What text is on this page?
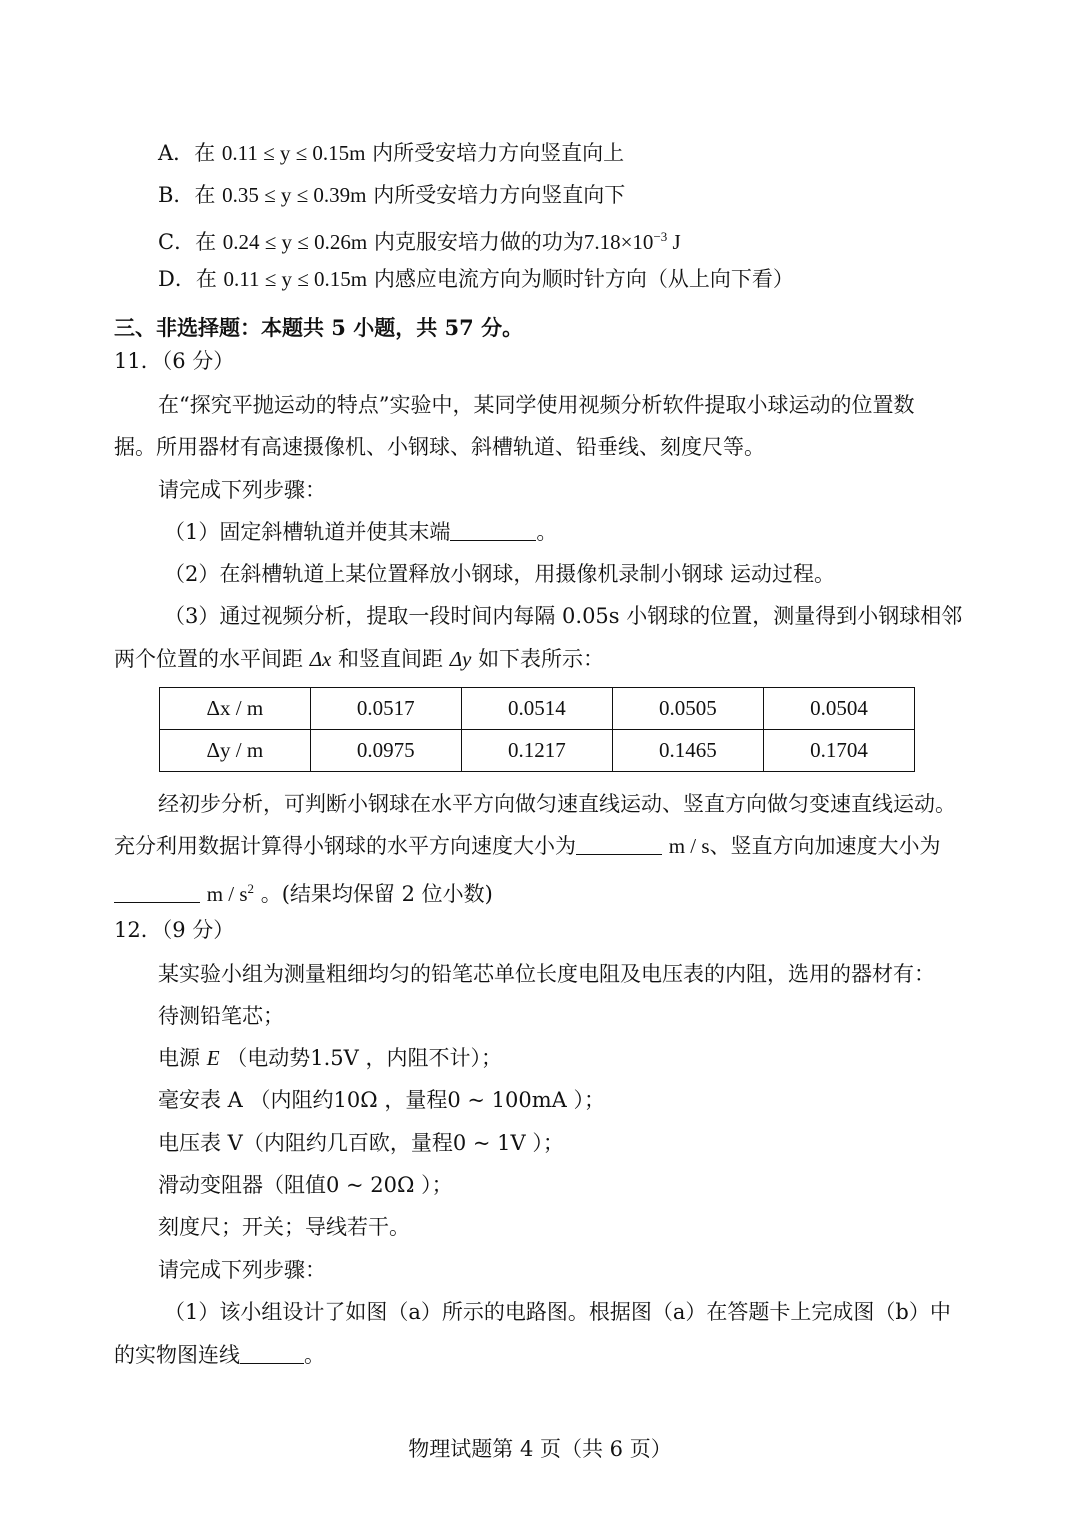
A．在 0.11 ≤ y ≤ 0.15m 内所受安培力方向竖直向上
B．在 0.35 ≤ y ≤ 0.39m 内所受安培力方向竖直向下
C．在 0.24 ≤ y ≤ 0.26m 内克服安培力做的功为$7.18\times 10^{-3}$ J
D．在 0.11 ≤ y ≤ 0.15m 内感应电流方向为顺时针方向（从上向下看）
三、非选择题：本题共 5 小题，共 57 分。
11．（6 分）
在“探究平抛运动的特点”实验中，某同学使用视频分析软件提取小球运动的位置数
据。所用器材有高速摄像机、小钢球、斜槽轨道、铅垂线、刻度尺等。
请完成下列步骤：
（1）固定斜槽轨道并使其末端	。
（2）在斜槽轨道上某位置释放小钢球，用摄像机录制小钢球 运动过程。
（3）通过视频分析，提取一段时间内每隔 0.05s 小钢球的位置，测量得到小钢球相邻
两个位置的水平间距 Δx 和竖直间距 Δy 如下表所示：
Δx / m	0.0517	0.0514	0.0505	0.0504
Δy / m	0.0975	0.1217	0.1465	0.1704
经初步分析，可判断小钢球在水平方向做匀速直线运动、竖直方向做匀变速直线运动。
充分利用数据计算得小钢球的水平方向速度大小为	m / s、竖直方向加速度大小为
m / $s^2$ 。(结果均保留 2 位小数)
12．（9 分）
某实验小组为测量粗细均匀的铅笔芯单位长度电阻及电压表的内阻，选用的器材有：
待测铅笔芯；
电源 E （电动势1.5V ，内阻不计）；
毫安表 A （内阻约10Ω ，量程0 ~ 100mA ）；
电压表 V（内阻约几百欧，量程0 ~ 1V ）；
滑动变阻器（阻值0 ~ 20Ω ）；
刻度尺；开关；导线若干。
请完成下列步骤：
（1）该小组设计了如图（a）所示的电路图。根据图（a）在答题卡上完成图（b）中
的实物图连线	。
物理试题第 4 页（共 6 页）
